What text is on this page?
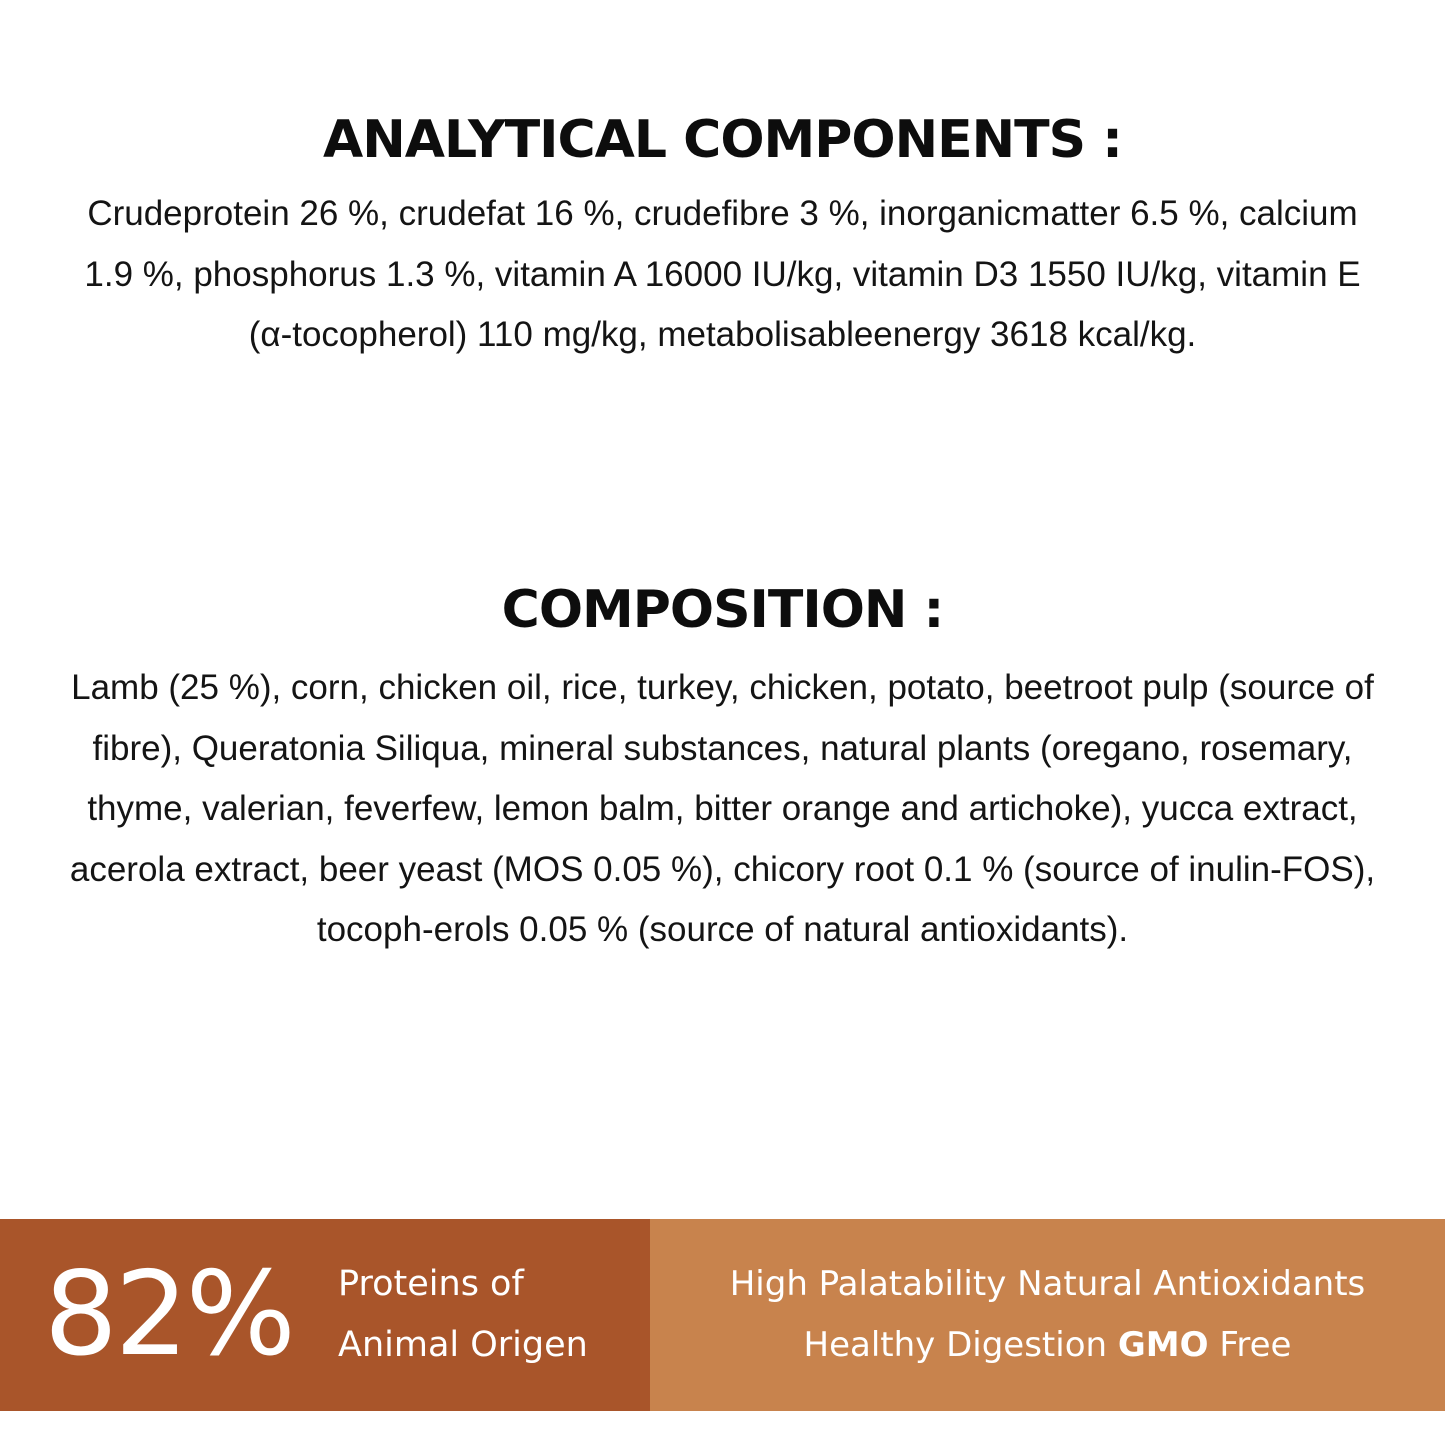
ANALYTICAL COMPONENTS :

Crudeprotein 26 %, crudefat 16 %, crudefibre 3 %, inorganicmatter 6.5 %, calcium 1.9 %, phosphorus 1.3 %, vitamin A 16000 IU/kg, vitamin D3 1550 IU/kg, vitamin E (α-tocopherol) 110 mg/kg, metabolisableenergy 3618 kcal/kg.

COMPOSITION :

Lamb (25 %), corn, chicken oil, rice, turkey, chicken, potato, beetroot pulp (source of fibre), Queratonia Siliqua, mineral substances, natural plants (oregano, rosemary, thyme, valerian, feverfew, lemon balm, bitter orange and artichoke), yucca extract, acerola extract, beer yeast (MOS 0.05 %), chicory root 0.1 % (source of inulin-FOS), tocoph-erols 0.05 % (source of natural antioxidants).

82%	Proteins of
Animal Origen
High Palatability Natural Antioxidants
Healthy Digestion GMO Free
